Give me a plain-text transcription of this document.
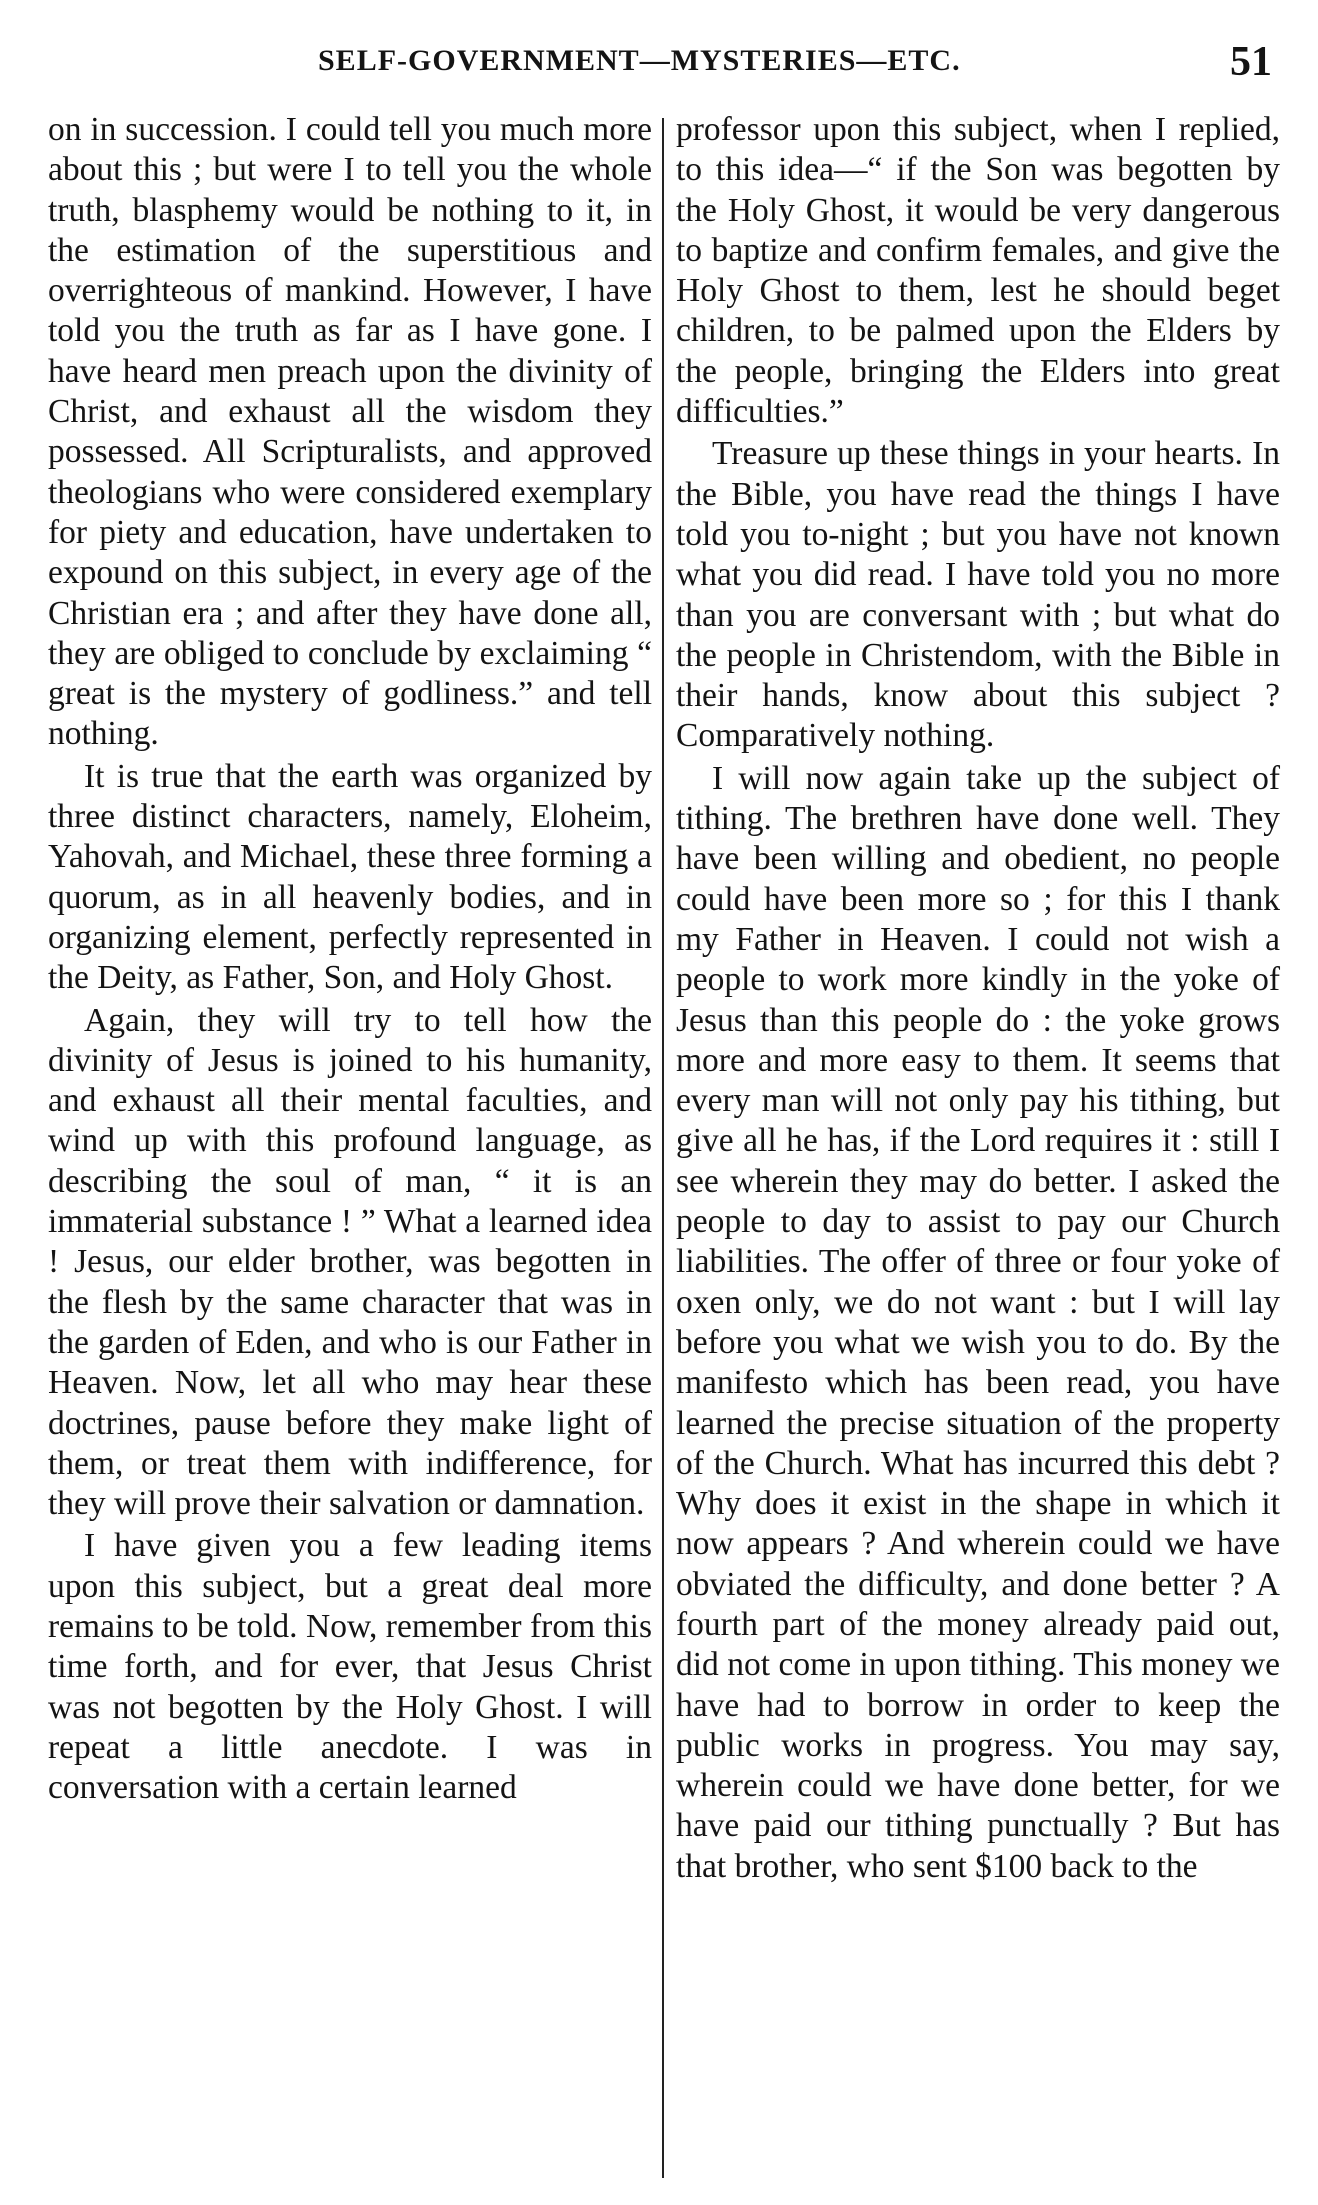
SELF-GOVERNMENT—MYSTERIES—ETC.	51

on in succession. I could tell you much more about this ; but were I to tell you the whole truth, blasphemy would be nothing to it, in the estimation of the superstitious and overrighteous of mankind. However, I have told you the truth as far as I have gone. I have heard men preach upon the divinity of Christ, and exhaust all the wisdom they possessed. All Scripturalists, and approved theologians who were considered exemplary for piety and education, have undertaken to expound on this subject, in every age of the Christian era ; and after they have done all, they are obliged to conclude by exclaiming “ great is the mystery of godliness.” and tell nothing.

It is true that the earth was organized by three distinct characters, namely, Eloheim, Yahovah, and Michael, these three forming a quorum, as in all heavenly bodies, and in organizing element, perfectly represented in the Deity, as Father, Son, and Holy Ghost.

Again, they will try to tell how the divinity of Jesus is joined to his humanity, and exhaust all their mental faculties, and wind up with this profound language, as describing the soul of man, “ it is an immaterial substance ! ” What a learned idea ! Jesus, our elder brother, was begotten in the flesh by the same character that was in the garden of Eden, and who is our Father in Heaven. Now, let all who may hear these doctrines, pause before they make light of them, or treat them with indifference, for they will prove their salvation or damnation.

I have given you a few leading items upon this subject, but a great deal more remains to be told. Now, remember from this time forth, and for ever, that Jesus Christ was not begotten by the Holy Ghost. I will repeat a little anecdote. I was in conversation with a certain learned

professor upon this subject, when I replied, to this idea—“ if the Son was begotten by the Holy Ghost, it would be very dangerous to baptize and confirm females, and give the Holy Ghost to them, lest he should beget children, to be palmed upon the Elders by the people, bringing the Elders into great difficulties.”

Treasure up these things in your hearts. In the Bible, you have read the things I have told you to-night ; but you have not known what you did read. I have told you no more than you are conversant with ; but what do the people in Christendom, with the Bible in their hands, know about this subject ? Comparatively nothing.

I will now again take up the subject of tithing. The brethren have done well. They have been willing and obedient, no people could have been more so ; for this I thank my Father in Heaven. I could not wish a people to work more kindly in the yoke of Jesus than this people do : the yoke grows more and more easy to them. It seems that every man will not only pay his tithing, but give all he has, if the Lord requires it : still I see wherein they may do better. I asked the people to day to assist to pay our Church liabilities. The offer of three or four yoke of oxen only, we do not want : but I will lay before you what we wish you to do. By the manifesto which has been read, you have learned the precise situation of the property of the Church. What has incurred this debt ? Why does it exist in the shape in which it now appears ? And wherein could we have obviated the difficulty, and done better ? A fourth part of the money already paid out, did not come in upon tithing. This money we have had to borrow in order to keep the public works in progress. You may say, wherein could we have done better, for we have paid our tithing punctually ? But has that brother, who sent $100 back to the
